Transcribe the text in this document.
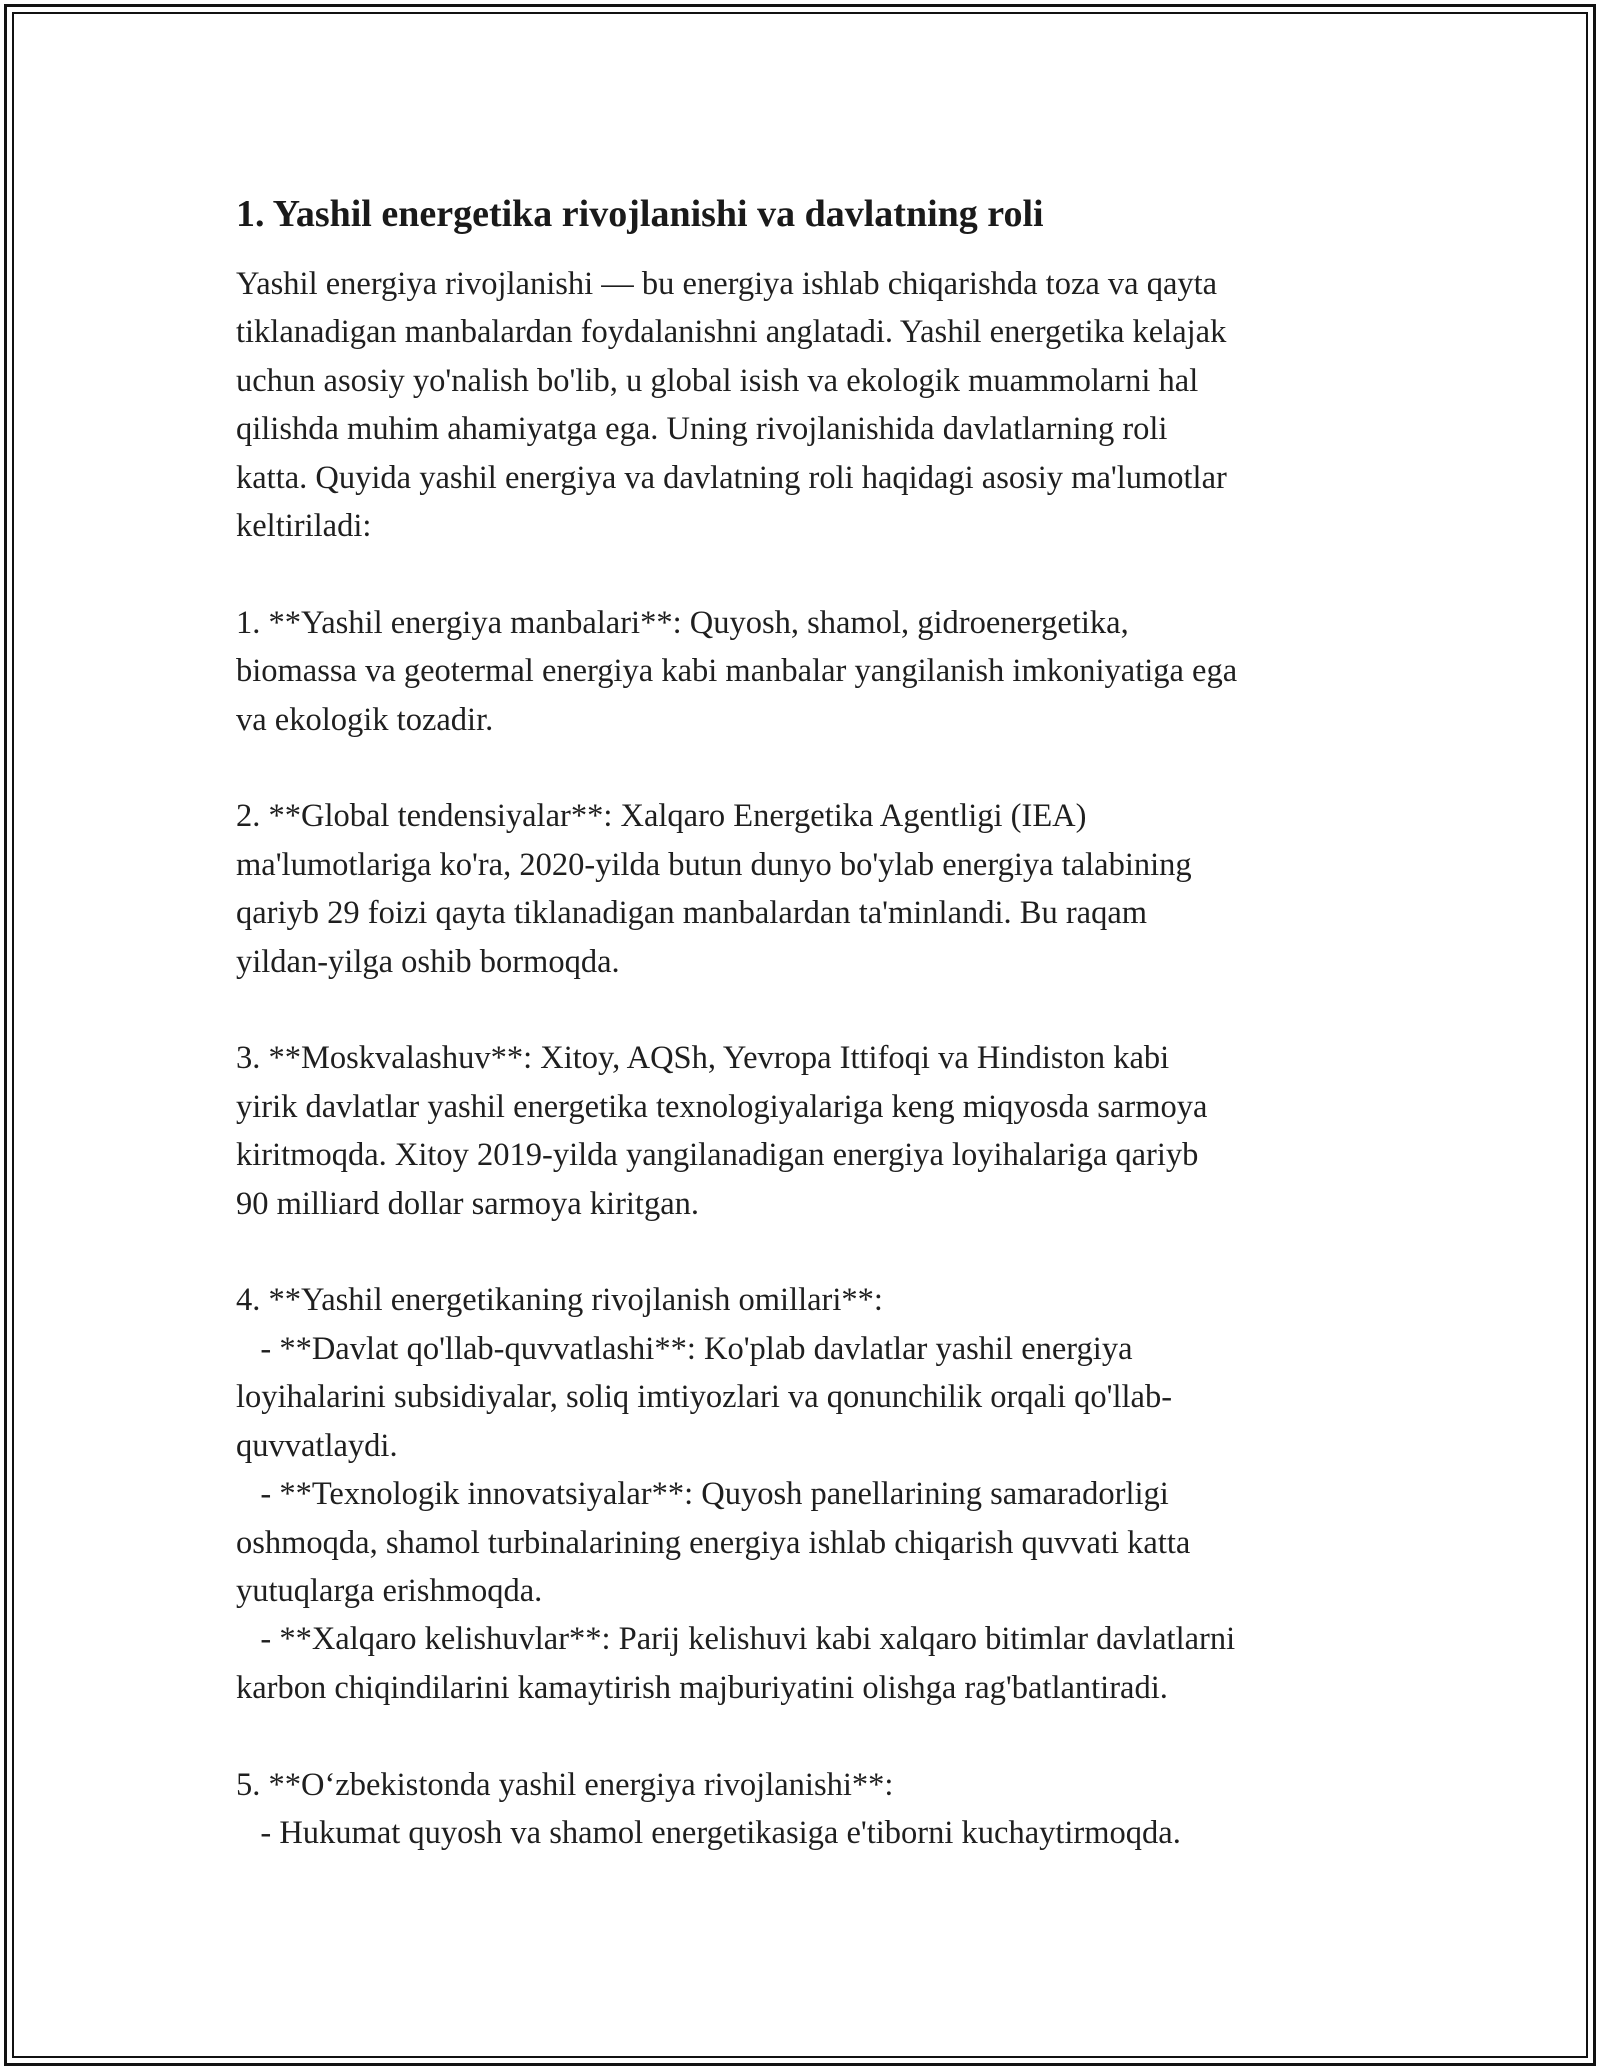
1. Yashil energetika rivojlanishi va davlatning roli
Yashil energiya rivojlanishi — bu energiya ishlab chiqarishda toza va qayta
tiklanadigan manbalardan foydalanishni anglatadi. Yashil energetika kelajak
uchun asosiy yo'nalish bo'lib, u global isish va ekologik muammolarni hal
qilishda muhim ahamiyatga ega. Uning rivojlanishida davlatlarning roli
katta. Quyida yashil energiya va davlatning roli haqidagi asosiy ma'lumotlar
keltiriladi:
1. **Yashil energiya manbalari**: Quyosh, shamol, gidroenergetika,
biomassa va geotermal energiya kabi manbalar yangilanish imkoniyatiga ega
va ekologik tozadir.
2. **Global tendensiyalar**: Xalqaro Energetika Agentligi (IEA)
ma'lumotlariga ko'ra, 2020-yilda butun dunyo bo'ylab energiya talabining
qariyb 29 foizi qayta tiklanadigan manbalardan ta'minlandi. Bu raqam
yildan-yilga oshib bormoqda.
3. **Moskvalashuv**: Xitoy, AQSh, Yevropa Ittifoqi va Hindiston kabi
yirik davlatlar yashil energetika texnologiyalariga keng miqyosda sarmoya
kiritmoqda. Xitoy 2019-yilda yangilanadigan energiya loyihalariga qariyb
90 milliard dollar sarmoya kiritgan.
4. **Yashil energetikaning rivojlanish omillari**:
- **Davlat qo'llab-quvvatlashi**: Ko'plab davlatlar yashil energiya
loyihalarini subsidiyalar, soliq imtiyozlari va qonunchilik orqali qo'llab-
quvvatlaydi.
- **Texnologik innovatsiyalar**: Quyosh panellarining samaradorligi
oshmoqda, shamol turbinalarining energiya ishlab chiqarish quvvati katta
yutuqlarga erishmoqda.
- **Xalqaro kelishuvlar**: Parij kelishuvi kabi xalqaro bitimlar davlatlarni
karbon chiqindilarini kamaytirish majburiyatini olishga rag'batlantiradi.
5. **Oʻzbekistonda yashil energiya rivojlanishi**:
- Hukumat quyosh va shamol energetikasiga e'tiborni kuchaytirmoqda.
